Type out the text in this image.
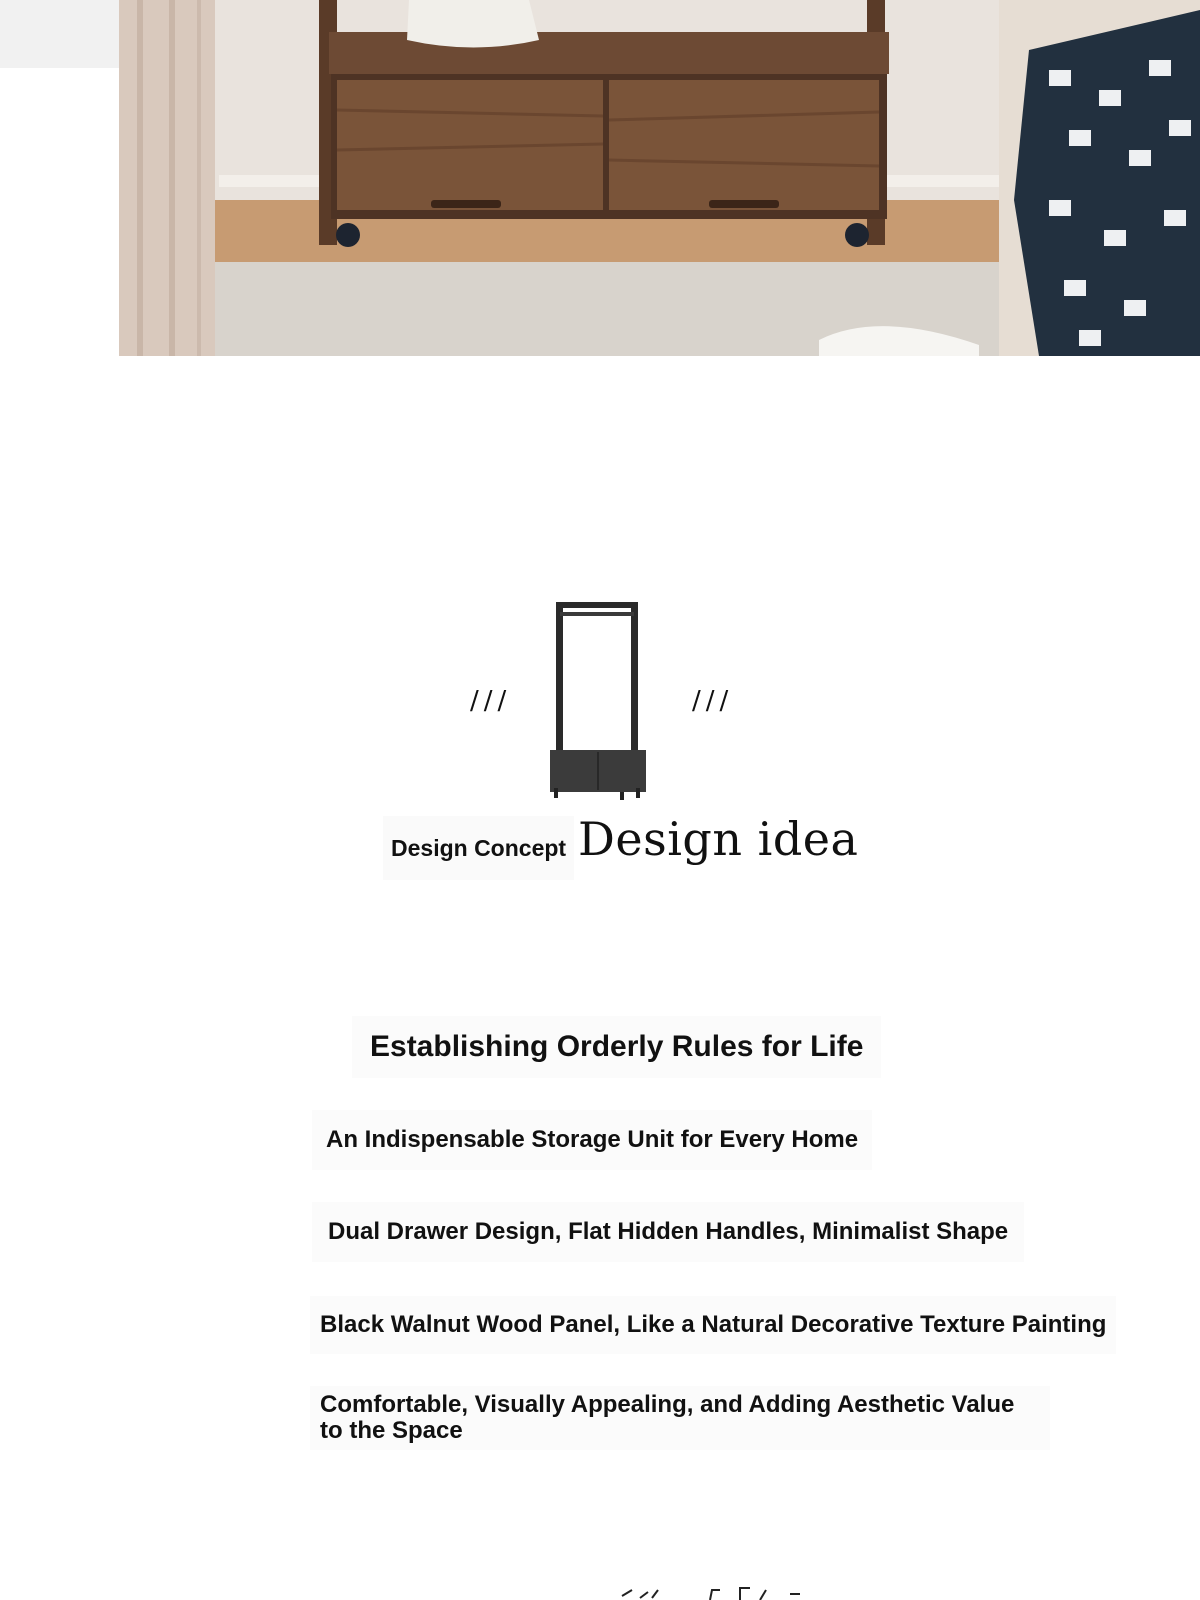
///	///
Design Concept Design idea
Establishing Orderly Rules for Life
An Indispensable Storage Unit for Every Home
Dual Drawer Design, Flat Hidden Handles, Minimalist Shape
Black Walnut Wood Panel, Like a Natural Decorative Texture Painting
Comfortable, Visually Appealing, and Adding Aesthetic Value to the Space
